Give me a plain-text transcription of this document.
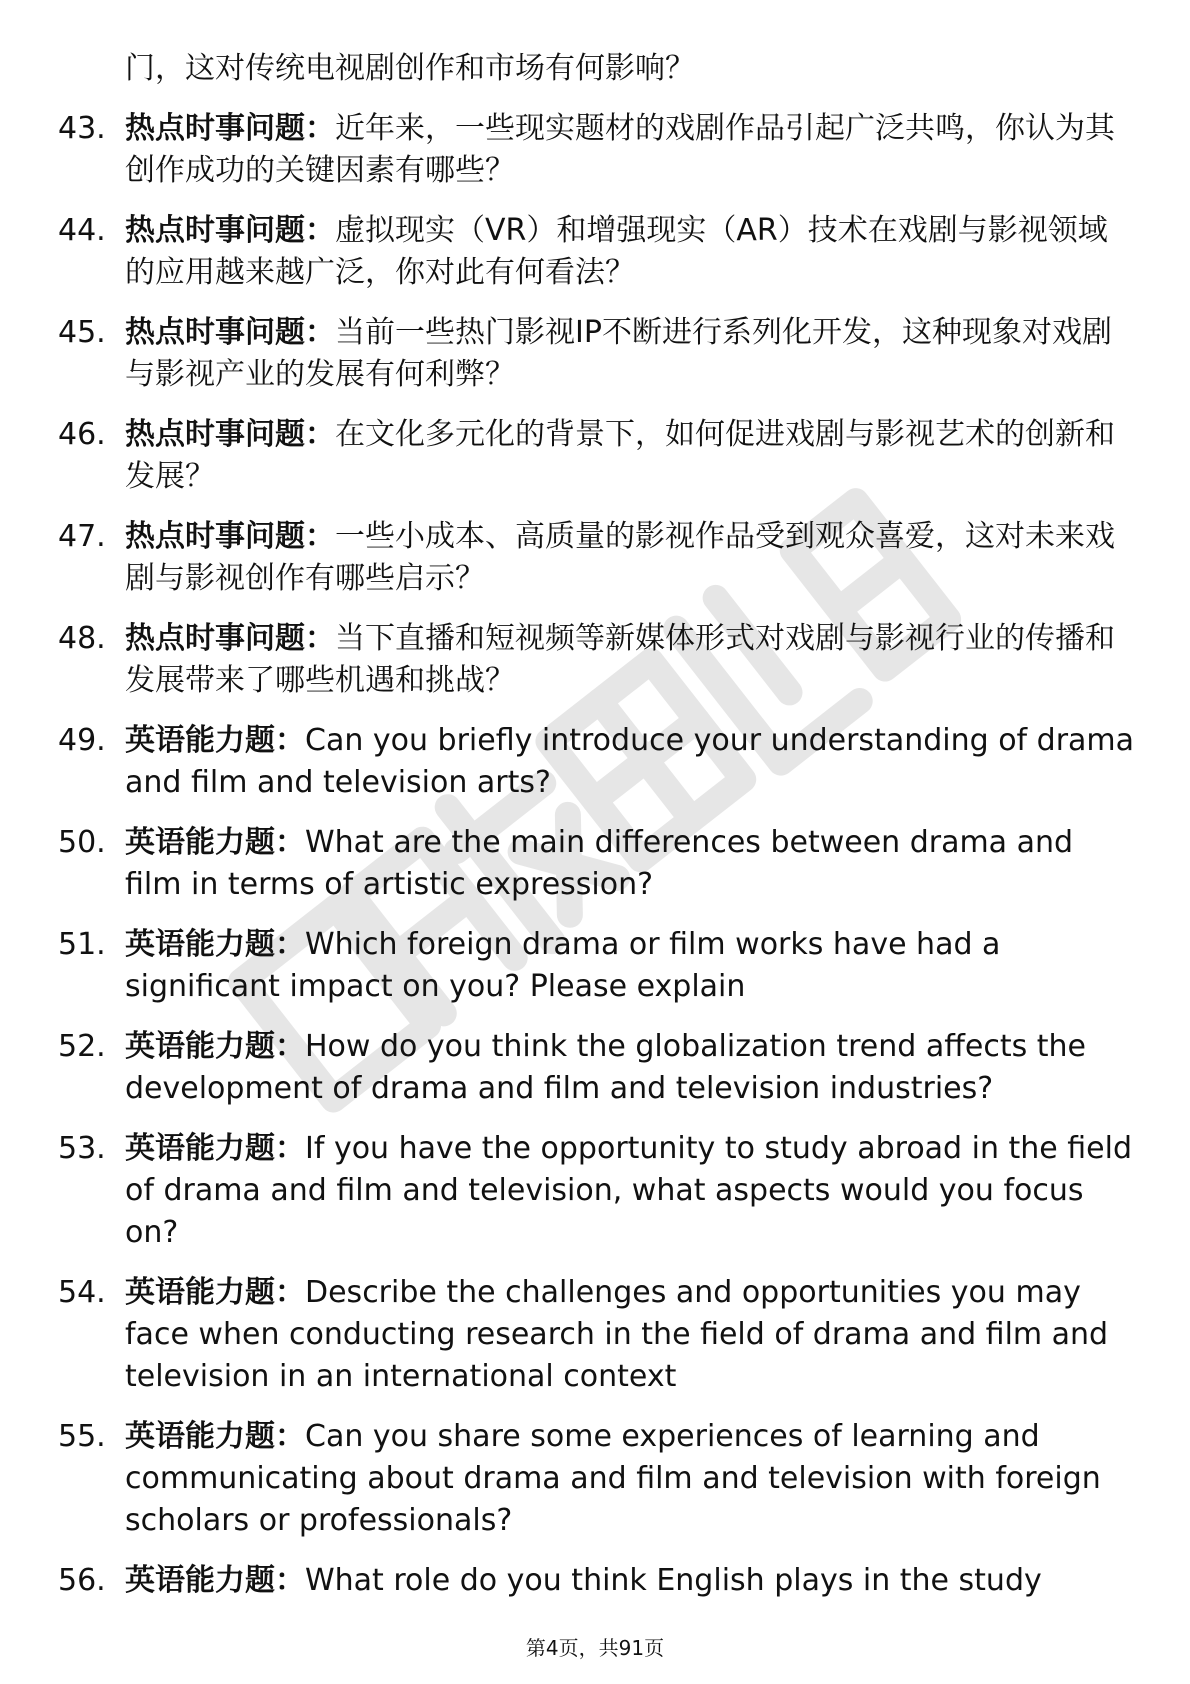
门，这对传统电视剧创作和市场有何影响？
43. 热点时事问题：近年来，一些现实题材的戏剧作品引起广泛共鸣，你认为其创作成功的关键因素有哪些？
44. 热点时事问题：虚拟现实（VR）和增强现实（AR）技术在戏剧与影视领域的应用越来越广泛，你对此有何看法？
45. 热点时事问题：当前一些热门影视IP不断进行系列化开发，这种现象对戏剧与影视产业的发展有何利弊？
46. 热点时事问题：在文化多元化的背景下，如何促进戏剧与影视艺术的创新和发展？
47. 热点时事问题：一些小成本、高质量的影视作品受到观众喜爱，这对未来戏剧与影视创作有哪些启示？
48. 热点时事问题：当下直播和短视频等新媒体形式对戏剧与影视行业的传播和发展带来了哪些机遇和挑战？
49. 英语能力题：Can you briefly introduce your understanding of drama and film and television arts?
50. 英语能力题：What are the main differences between drama and film in terms of artistic expression?
51. 英语能力题：Which foreign drama or film works have had a significant impact on you? Please explain
52. 英语能力题：How do you think the globalization trend affects the development of drama and film and television industries?
53. 英语能力题：If you have the opportunity to study abroad in the field of drama and film and television, what aspects would you focus on?
54. 英语能力题：Describe the challenges and opportunities you may face when conducting research in the field of drama and film and television in an international context
55. 英语能力题：Can you share some experiences of learning and communicating about drama and film and television with foreign scholars or professionals?
56. 英语能力题：What role do you think English plays in the study
第4页，共91页
